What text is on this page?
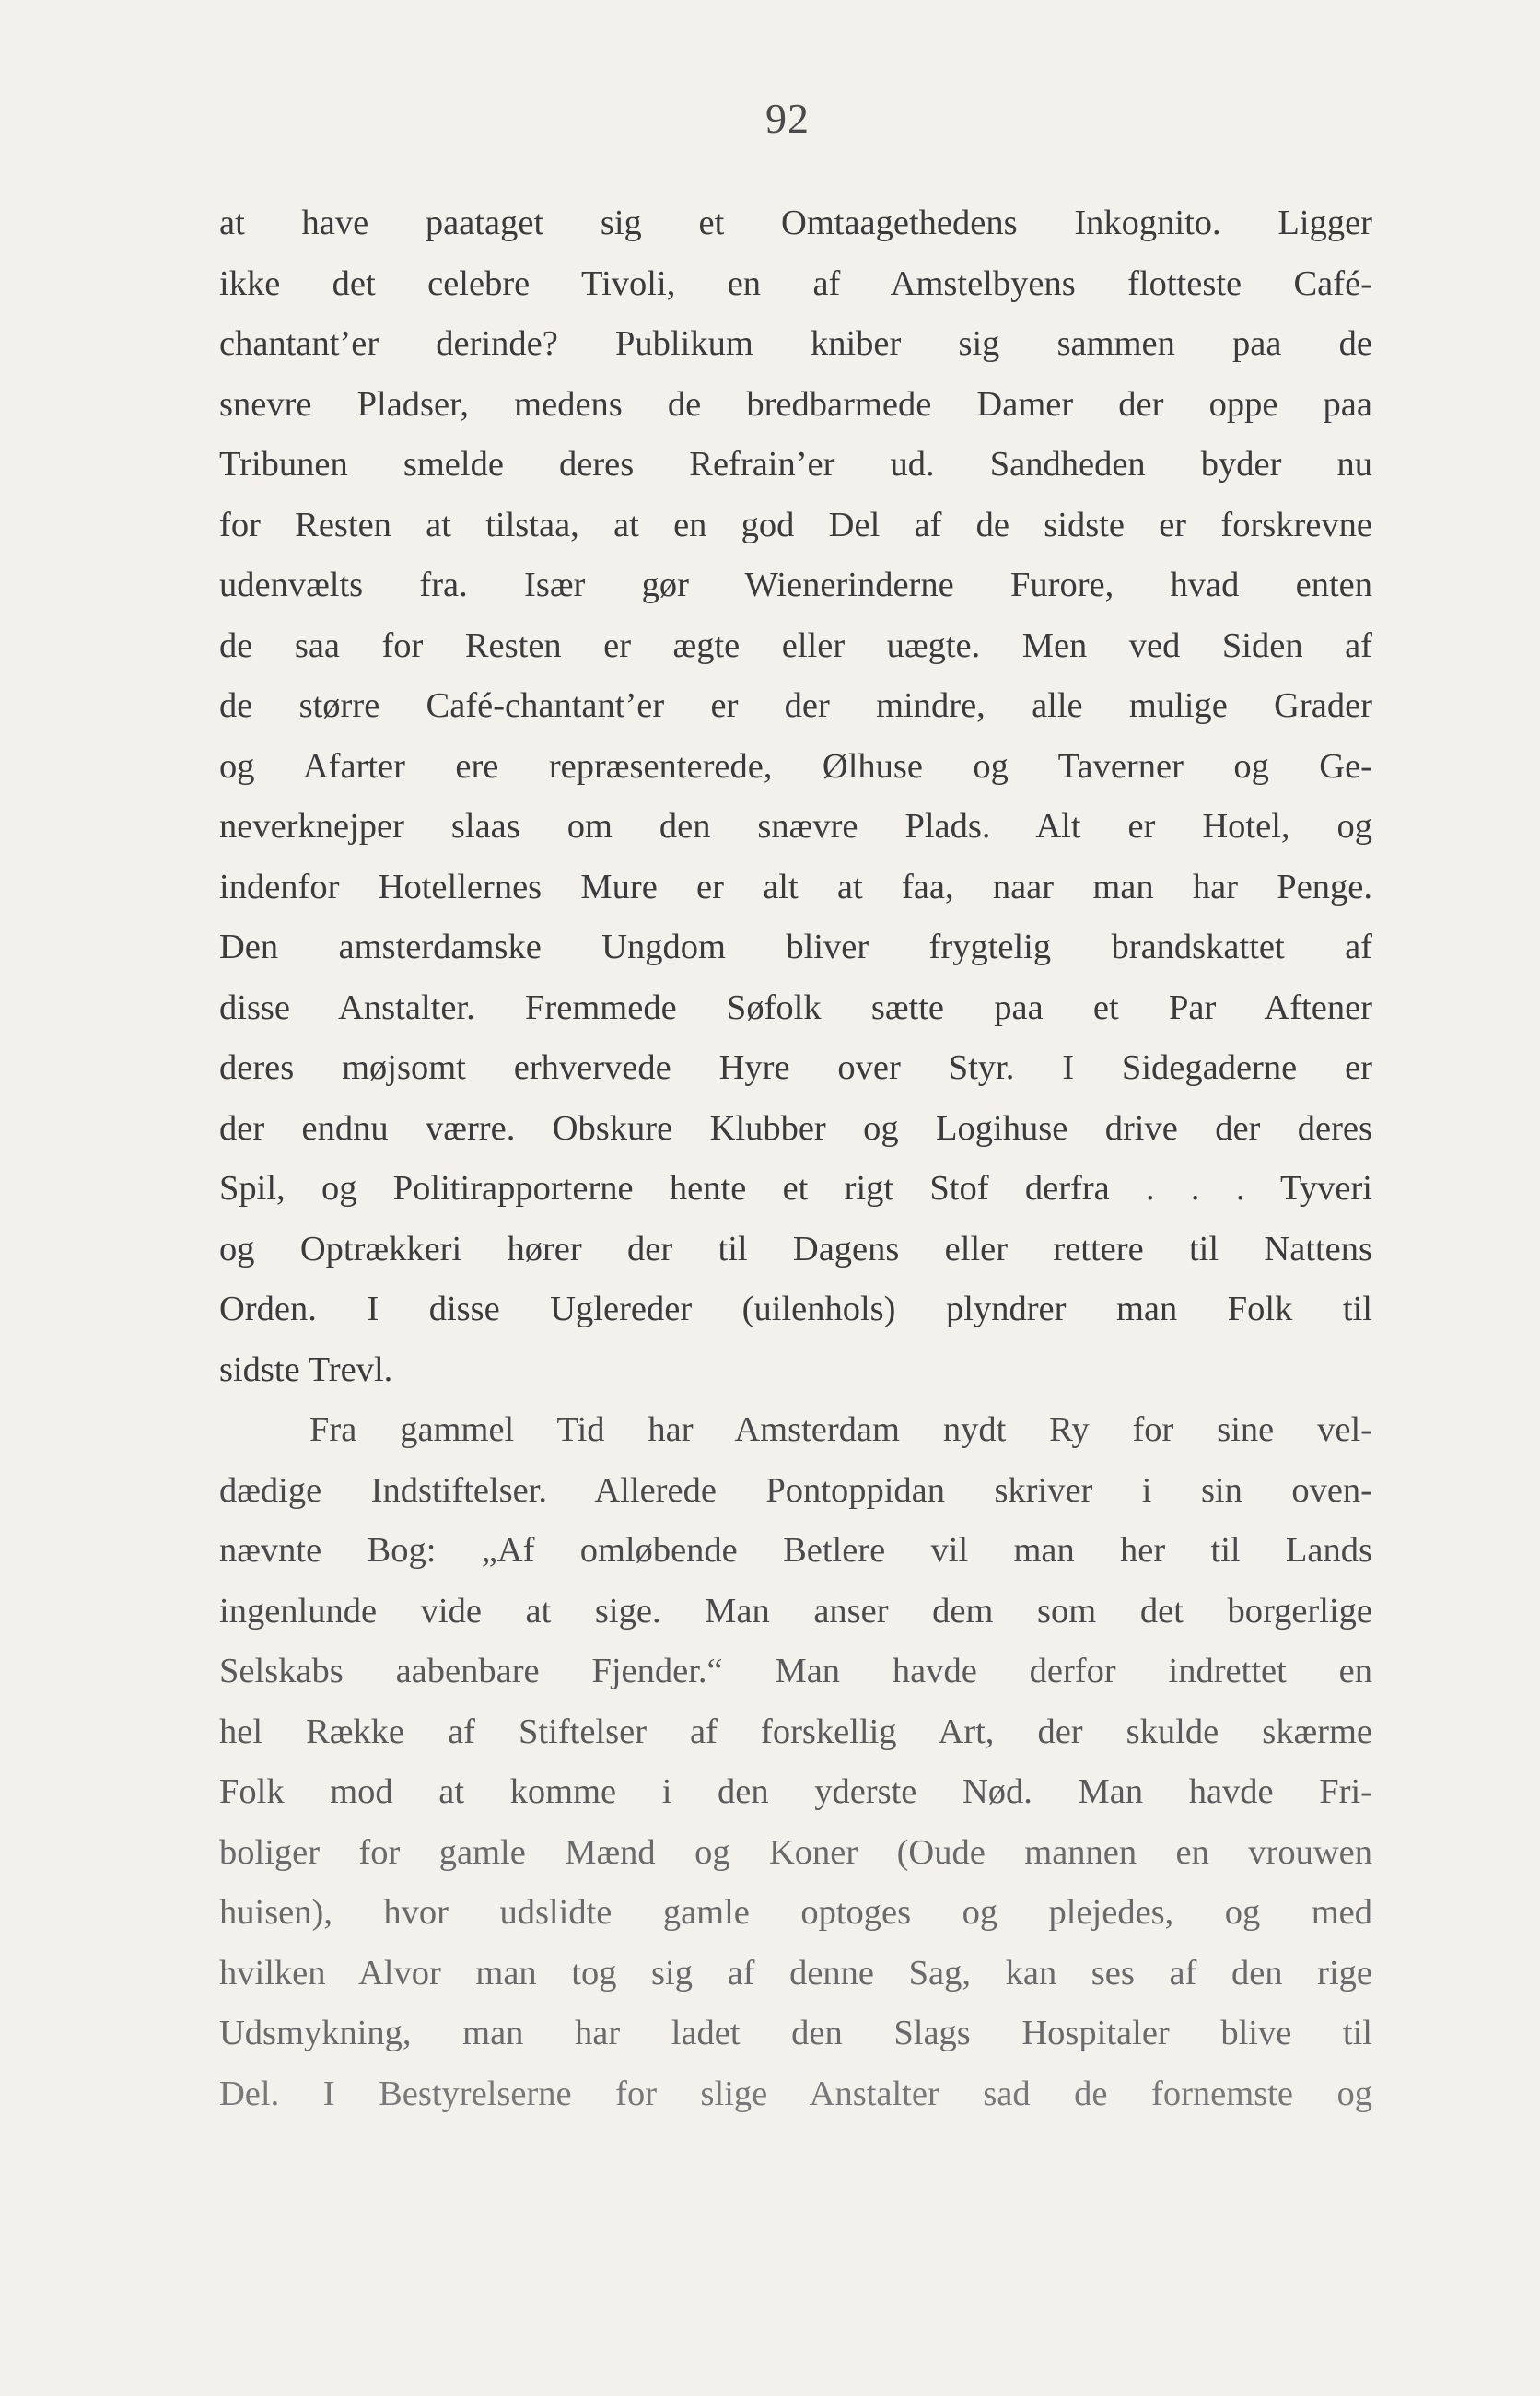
92
at have paataget sig et Omtaagethedens Inkognito. Ligger
ikke det celebre Tivoli, en af Amstelbyens flotteste Café-
chantant’er derinde? Publikum kniber sig sammen paa de
snevre Pladser, medens de bredbarmede Damer der oppe paa
Tribunen smelde deres Refrain’er ud. Sandheden byder nu
for Resten at tilstaa, at en god Del af de sidste er forskrevne
udenvælts fra. Især gør Wienerinderne Furore, hvad enten
de saa for Resten er ægte eller uægte. Men ved Siden af
de større Café-chantant’er er der mindre, alle mulige Grader
og Afarter ere repræsenterede, Ølhuse og Taverner og Ge-
neverknejper slaas om den snævre Plads. Alt er Hotel, og
indenfor Hotellernes Mure er alt at faa, naar man har Penge.
Den amsterdamske Ungdom bliver frygtelig brandskattet af
disse Anstalter. Fremmede Søfolk sætte paa et Par Aftener
deres møjsomt erhvervede Hyre over Styr. I Sidegaderne er
der endnu værre. Obskure Klubber og Logihuse drive der deres
Spil, og Politirapporterne hente et rigt Stof derfra . . . Tyveri
og Optrækkeri hører der til Dagens eller rettere til Nattens
Orden. I disse Uglereder (uilenhols) plyndrer man Folk til
sidste Trevl.
Fra gammel Tid har Amsterdam nydt Ry for sine vel-
dædige Indstiftelser. Allerede Pontoppidan skriver i sin oven-
nævnte Bog: „Af omløbende Betlere vil man her til Lands
ingenlunde vide at sige. Man anser dem som det borgerlige
Selskabs aabenbare Fjender.“ Man havde derfor indrettet en
hel Række af Stiftelser af forskellig Art, der skulde skærme
Folk mod at komme i den yderste Nød. Man havde Fri-
boliger for gamle Mænd og Koner (Oude mannen en vrouwen
huisen), hvor udslidte gamle optoges og plejedes, og med
hvilken Alvor man tog sig af denne Sag, kan ses af den rige
Udsmykning, man har ladet den Slags Hospitaler blive til
Del. I Bestyrelserne for slige Anstalter sad de fornemste og
